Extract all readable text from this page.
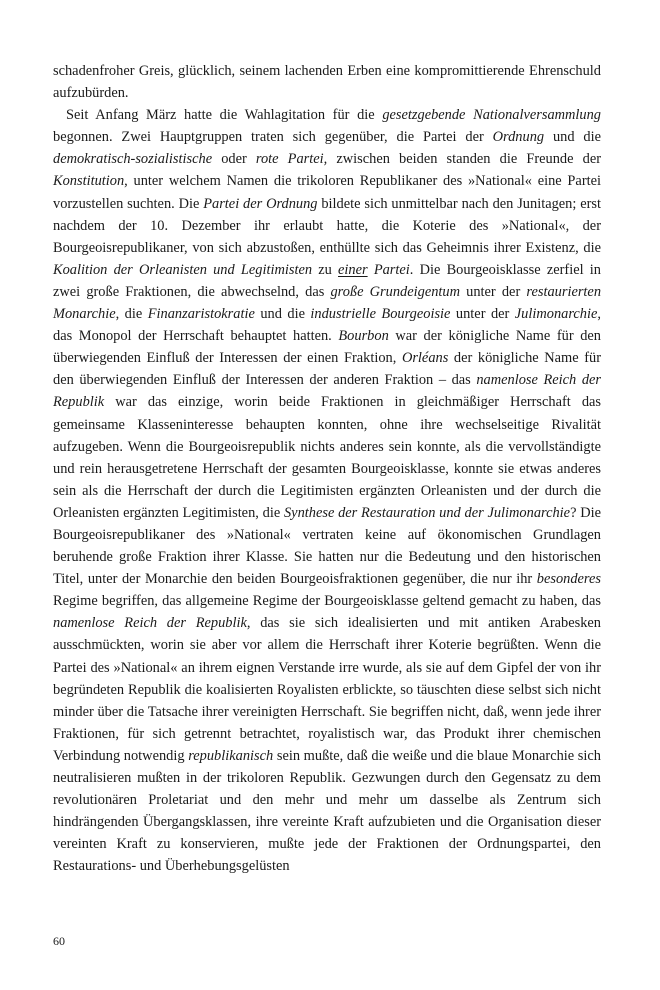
schadenfroher Greis, glücklich, seinem lachenden Erben eine kompromittierende Ehrenschuld aufzubürden.

Seit Anfang März hatte die Wahlagitation für die gesetzgebende Nationalversammlung begonnen. Zwei Hauptgruppen traten sich gegenüber, die Partei der Ordnung und die demokratisch-sozialistische oder rote Partei, zwischen beiden standen die Freunde der Konstitution, unter welchem Namen die trikoloren Republikaner des »National« eine Partei vorzustellen suchten. Die Partei der Ordnung bildete sich unmittelbar nach den Junitagen; erst nachdem der 10. Dezember ihr erlaubt hatte, die Koterie des »National«, der Bourgeoisrepublikaner, von sich abzustoßen, enthüllte sich das Geheimnis ihrer Existenz, die Koalition der Orleanisten und Legitimisten zu einer Partei. Die Bourgeoisklasse zerfiel in zwei große Fraktionen, die abwechselnd, das große Grundeigentum unter der restaurierten Monarchie, die Finanzaristokratie und die industrielle Bourgeoisie unter der Julimonarchie, das Monopol der Herrschaft behauptet hatten. Bourbon war der königliche Name für den überwiegenden Einfluß der Interessen der einen Fraktion, Orléans der königliche Name für den überwiegenden Einfluß der Interessen der anderen Fraktion – das namenlose Reich der Republik war das einzige, worin beide Fraktionen in gleichmäßiger Herrschaft das gemeinsame Klasseninteresse behaupten konnten, ohne ihre wechselseitige Rivalität aufzugeben. Wenn die Bourgeoisrepublik nichts anderes sein konnte, als die vervollständigte und rein herausgetretene Herrschaft der gesamten Bourgeoisklasse, konnte sie etwas anderes sein als die Herrschaft der durch die Legitimisten ergänzten Orleanisten und der durch die Orleanisten ergänzten Legitimisten, die Synthese der Restauration und der Julimonarchie? Die Bourgeoisrepublikaner des »National« vertraten keine auf ökonomischen Grundlagen beruhende große Fraktion ihrer Klasse. Sie hatten nur die Bedeutung und den historischen Titel, unter der Monarchie den beiden Bourgeoisfraktionen gegenüber, die nur ihr besonderes Regime begriffen, das allgemeine Regime der Bourgeoisklasse geltend gemacht zu haben, das namenlose Reich der Republik, das sie sich idealisierten und mit antiken Arabesken ausschmückten, worin sie aber vor allem die Herrschaft ihrer Koterie begrüßten. Wenn die Partei des »National« an ihrem eignen Verstande irre wurde, als sie auf dem Gipfel der von ihr begründeten Republik die koalisierten Royalisten erblickte, so täuschten diese selbst sich nicht minder über die Tatsache ihrer vereinigten Herrschaft. Sie begriffen nicht, daß, wenn jede ihrer Fraktionen, für sich getrennt betrachtet, royalistisch war, das Produkt ihrer chemischen Verbindung notwendig republikanisch sein mußte, daß die weiße und die blaue Monarchie sich neutralisieren mußten in der trikoloren Republik. Gezwungen durch den Gegensatz zu dem revolutionären Proletariat und den mehr und mehr um dasselbe als Zentrum sich hindrängenden Übergangsklassen, ihre vereinte Kraft aufzubieten und die Organisation dieser vereinten Kraft zu konservieren, mußte jede der Fraktionen der Ordnungspartei, den Restaurations- und Überhebungsgelüsten

60
